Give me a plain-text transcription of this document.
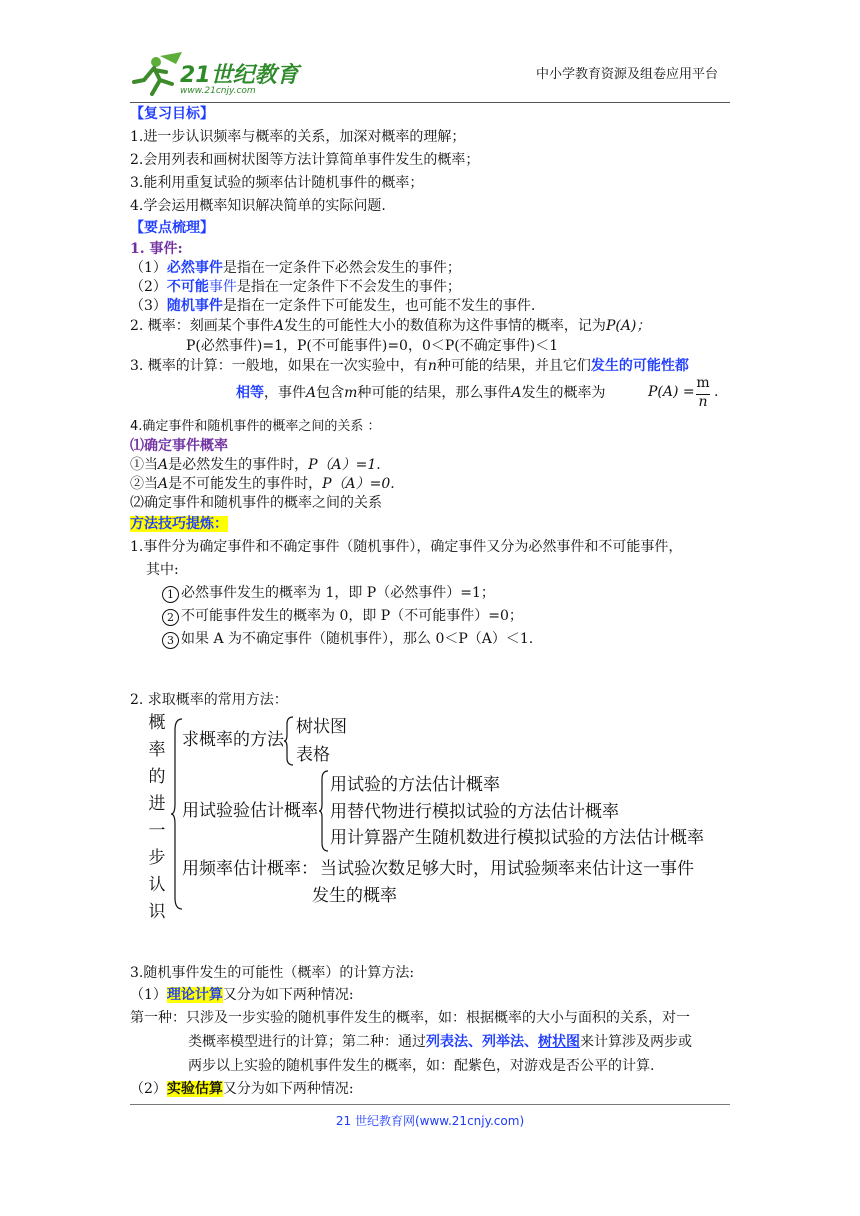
21世纪教育
www.21cnjy.com
中小学教育资源及组卷应用平台
【复习目标】
1.进一步认识频率与概率的关系，加深对概率的理解；
2.会用列表和画树状图等方法计算简单事件发生的概率；
3.能利用重复试验的频率估计随机事件的概率；
4.学会运用概率知识解决简单的实际问题.
【要点梳理】
1. 事件:
（1）必然事件是指在一定条件下必然会发生的事件；
（2）不可能事件是指在一定条件下不会发生的事件；
（3）随机事件是指在一定条件下可能发生，也可能不发生的事件.
2. 概率：刻画某个事件A发生的可能性大小的数值称为这件事情的概率，记为P(A)；
P(必然事件)=1，P(不可能事件)=0，0＜P(不确定事件)＜1
3. 概率的计算：一般地，如果在一次实验中，有n种可能的结果，并且它们发生的可能性都
相等，事件A包含m种可能的结果，那么事件A发生的概率为	P(A) =
m
n
.
4.确定事件和随机事件的概率之间的关系 ：
⑴确定事件概率
①当A是必然发生的事件时，P（A）=1.
②当A是不可能发生的事件时，P（A）=0.
⑵确定事件和随机事件的概率之间的关系
方法技巧提炼：
1.事件分为确定事件和不确定事件（随机事件），确定事件又分为必然事件和不可能事件，
其中:
1 必然事件发生的概率为 1，即 P（必然事件）=1；
2 不可能事件发生的概率为 0，即 P（不可能事件）=0；
3 如果 A 为不确定事件（随机事件），那么 0＜P（A）＜1.
2. 求取概率的常用方法：
概
率
的
进
一
步
认
识
求概率的方法
树状图
表格
用试验验估计概率
用试验的方法估计概率
用替代物进行模拟试验的方法估计概率
用计算器产生随机数进行模拟试验的方法估计概率
用频率估计概率： 当试验次数足够大时，用试验频率来估计这一事件
发生的概率
3.随机事件发生的可能性（概率）的计算方法:
（1）理论计算又分为如下两种情况:
第一种：只涉及一步实验的随机事件发生的概率，如：根据概率的大小与面积的关系，对一
类概率模型进行的计算；第二种：通过列表法、列举法、树状图来计算涉及两步或
两步以上实验的随机事件发生的概率，如：配紫色，对游戏是否公平的计算.
（2）实验估算又分为如下两种情况:
21 世纪教育网(www.21cnjy.com)
